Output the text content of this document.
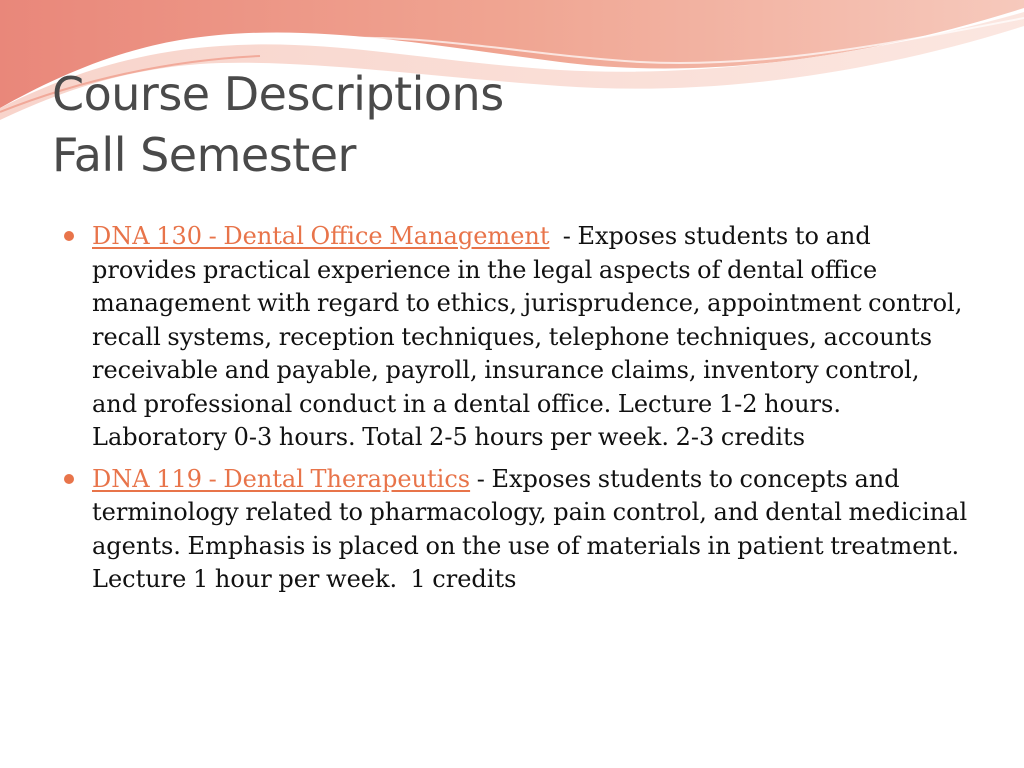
Course Descriptions
Fall Semester
DNA 130 - Dental Office Management  - Exposes students to and provides practical experience in the legal aspects of dental office management with regard to ethics, jurisprudence, appointment control, recall systems, reception techniques, telephone techniques, accounts receivable and payable, payroll, insurance claims, inventory control, and professional conduct in a dental office. Lecture 1-2 hours. Laboratory 0-3 hours. Total 2-5 hours per week. 2-3 credits
DNA 119 - Dental Therapeutics - Exposes students to concepts and terminology related to pharmacology, pain control, and dental medicinal agents. Emphasis is placed on the use of materials in patient treatment.  Lecture 1 hour per week.  1 credits
